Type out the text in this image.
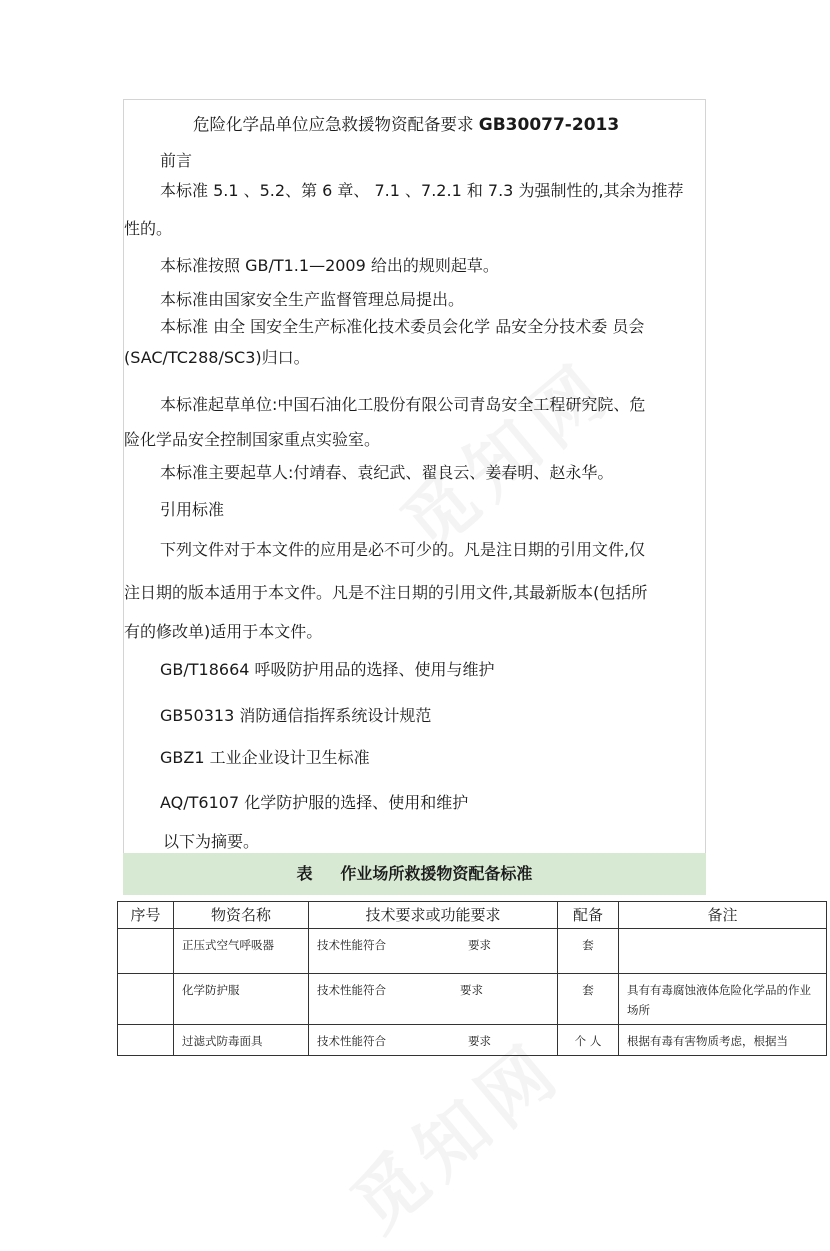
危险化学品单位应急救援物资配备要求 GB30077-2013
前言
本标准 5.1 、5.2、第 6 章、 7.1 、7.2.1 和 7.3 为强制性的,其余为推荐
性的。
本标准按照 GB/T1.1—2009 给出的规则起草。
本标准由国家安全生产监督管理总局提出。
本标准 由全 国安全生产标准化技术委员会化学 品安全分技术委 员会
(SAC/TC288/SC3)归口。
本标准起草单位:中国石油化工股份有限公司青岛安全工程研究院、危
险化学品安全控制国家重点实验室。
本标准主要起草人:付靖春、袁纪武、翟良云、姜春明、赵永华。
引用标准
下列文件对于本文件的应用是必不可少的。凡是注日期的引用文件,仅
注日期的版本适用于本文件。凡是不注日期的引用文件,其最新版本(包括所
有的修改单)适用于本文件。
GB/T18664 呼吸防护用品的选择、使用与维护
GB50313 消防通信指挥系统设计规范
GBZ1 工业企业设计卫生标准
AQ/T6107 化学防护服的选择、使用和维护
以下为摘要。
表 作业场所救援物资配备标准
序号	物资名称	技术要求或功能要求	配备	备注
	正压式空气呼吸器	技术性能符合 要求	套	
	化学防护服	技术性能符合 要求	套	具有有毒腐蚀液体危险化学品的作业场所
	过滤式防毒面具	技术性能符合 要求	个 人	根据有毒有害物质考虑，根据当
